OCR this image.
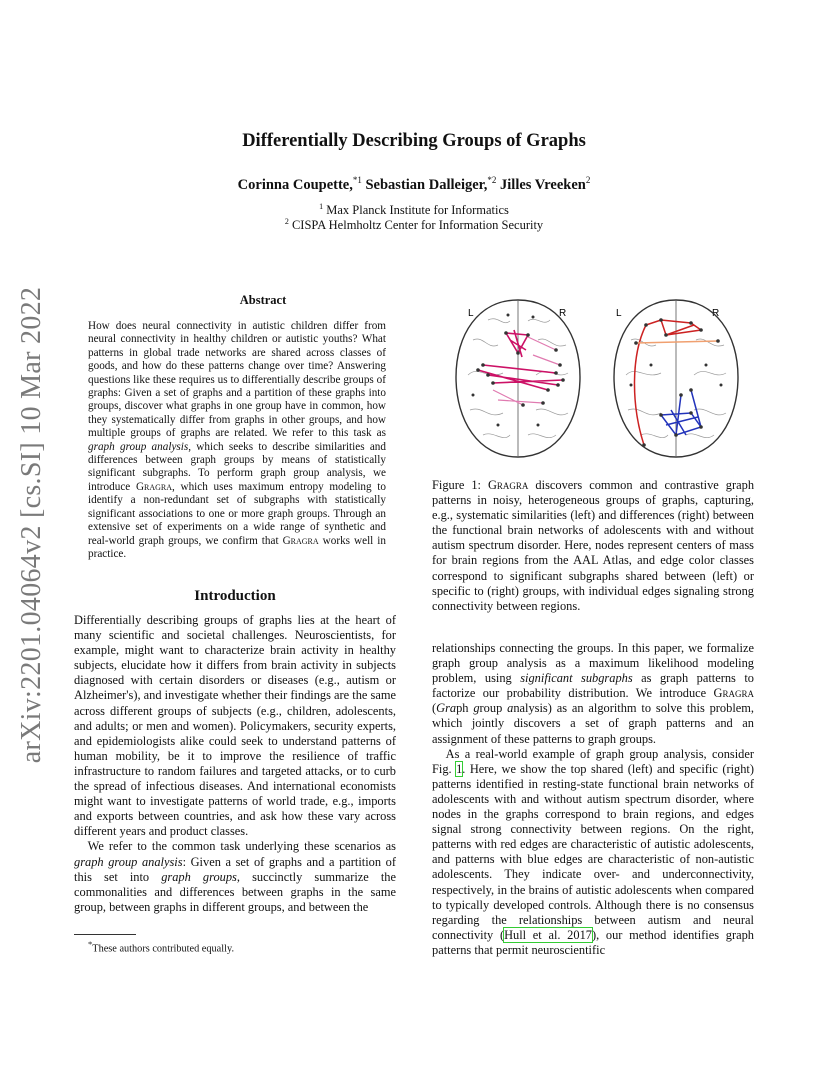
arXiv:2201.04064v2 [cs.SI] 10 Mar 2022
Differentially Describing Groups of Graphs
Corinna Coupette,$^{*1}$ Sebastian Dalleiger,$^{*2}$ Jilles Vreeken$^2$
$^1$ Max Planck Institute for Informatics
$^2$ CISPA Helmholtz Center for Information Security
Abstract

How does neural connectivity in autistic children differ from neural connectivity in healthy children or autistic youths? What patterns in global trade networks are shared across classes of goods, and how do these patterns change over time? Answering questions like these requires us to differentially describe groups of graphs: Given a set of graphs and a partition of these graphs into groups, discover what graphs in one group have in common, how they systematically differ from graphs in other groups, and how multiple groups of graphs are related. We refer to this task as graph group analysis, which seeks to describe similarities and differences between graph groups by means of statistically significant subgraphs. To perform graph group analysis, we introduce Gragra, which uses maximum entropy modeling to identify a non-redundant set of subgraphs with statistically significant associations to one or more graph groups. Through an extensive set of experiments on a wide range of synthetic and real-world graph groups, we confirm that Gragra works well in practice.

Introduction

Differentially describing groups of graphs lies at the heart of many scientific and societal challenges. Neuroscientists, for example, might want to characterize brain activity in healthy subjects, elucidate how it differs from brain activity in subjects diagnosed with certain disorders or diseases (e.g., autism or Alzheimer's), and investigate whether their findings are the same across different groups of subjects (e.g., children, adolescents, and adults; or men and women). Policymakers, security experts, and epidemiologists alike could seek to understand patterns of human mobility, be it to improve the resilience of traffic infrastructure to random failures and targeted attacks, or to curb the spread of infectious diseases. And international economists might want to investigate patterns of world trade, e.g., imports and exports between countries, and ask how these vary across different years and product classes.

We refer to the common task underlying these scenarios as graph group analysis: Given a set of graphs and a partition of this set into graph groups, succinctly summarize the commonalities and differences between graphs in the same group, between graphs in different groups, and between the

L	R	L	R

Figure 1: Gragra discovers common and contrastive graph patterns in noisy, heterogeneous groups of graphs, capturing, e.g., systematic similarities (left) and differences (right) between the functional brain networks of adolescents with and without autism spectrum disorder. Here, nodes represent centers of mass for brain regions from the AAL Atlas, and edge color classes correspond to significant subgraphs shared between (left) or specific to (right) groups, with individual edges signaling strong connectivity between regions.

relationships connecting the groups. In this paper, we formalize graph group analysis as a maximum likelihood modeling problem, using significant subgraphs as graph patterns to factorize our probability distribution. We introduce Gragra (Graph group analysis) as an algorithm to solve this problem, which jointly discovers a set of graph patterns and an assignment of these patterns to graph groups.

As a real-world example of graph group analysis, consider Fig. 1. Here, we show the top shared (left) and specific (right) patterns identified in resting-state functional brain networks of adolescents with and without autism spectrum disorder, where nodes in the graphs correspond to brain regions, and edges signal strong connectivity between regions. On the right, patterns with red edges are characteristic of autistic adolescents, and patterns with blue edges are characteristic of non-autistic adolescents. They indicate over- and underconnectivity, respectively, in the brains of autistic adolescents when compared to typically developed controls. Although there is no consensus regarding the relationships between autism and neural connectivity (Hull et al. 2017), our method identifies graph patterns that permit neuroscientific

*These authors contributed equally.
